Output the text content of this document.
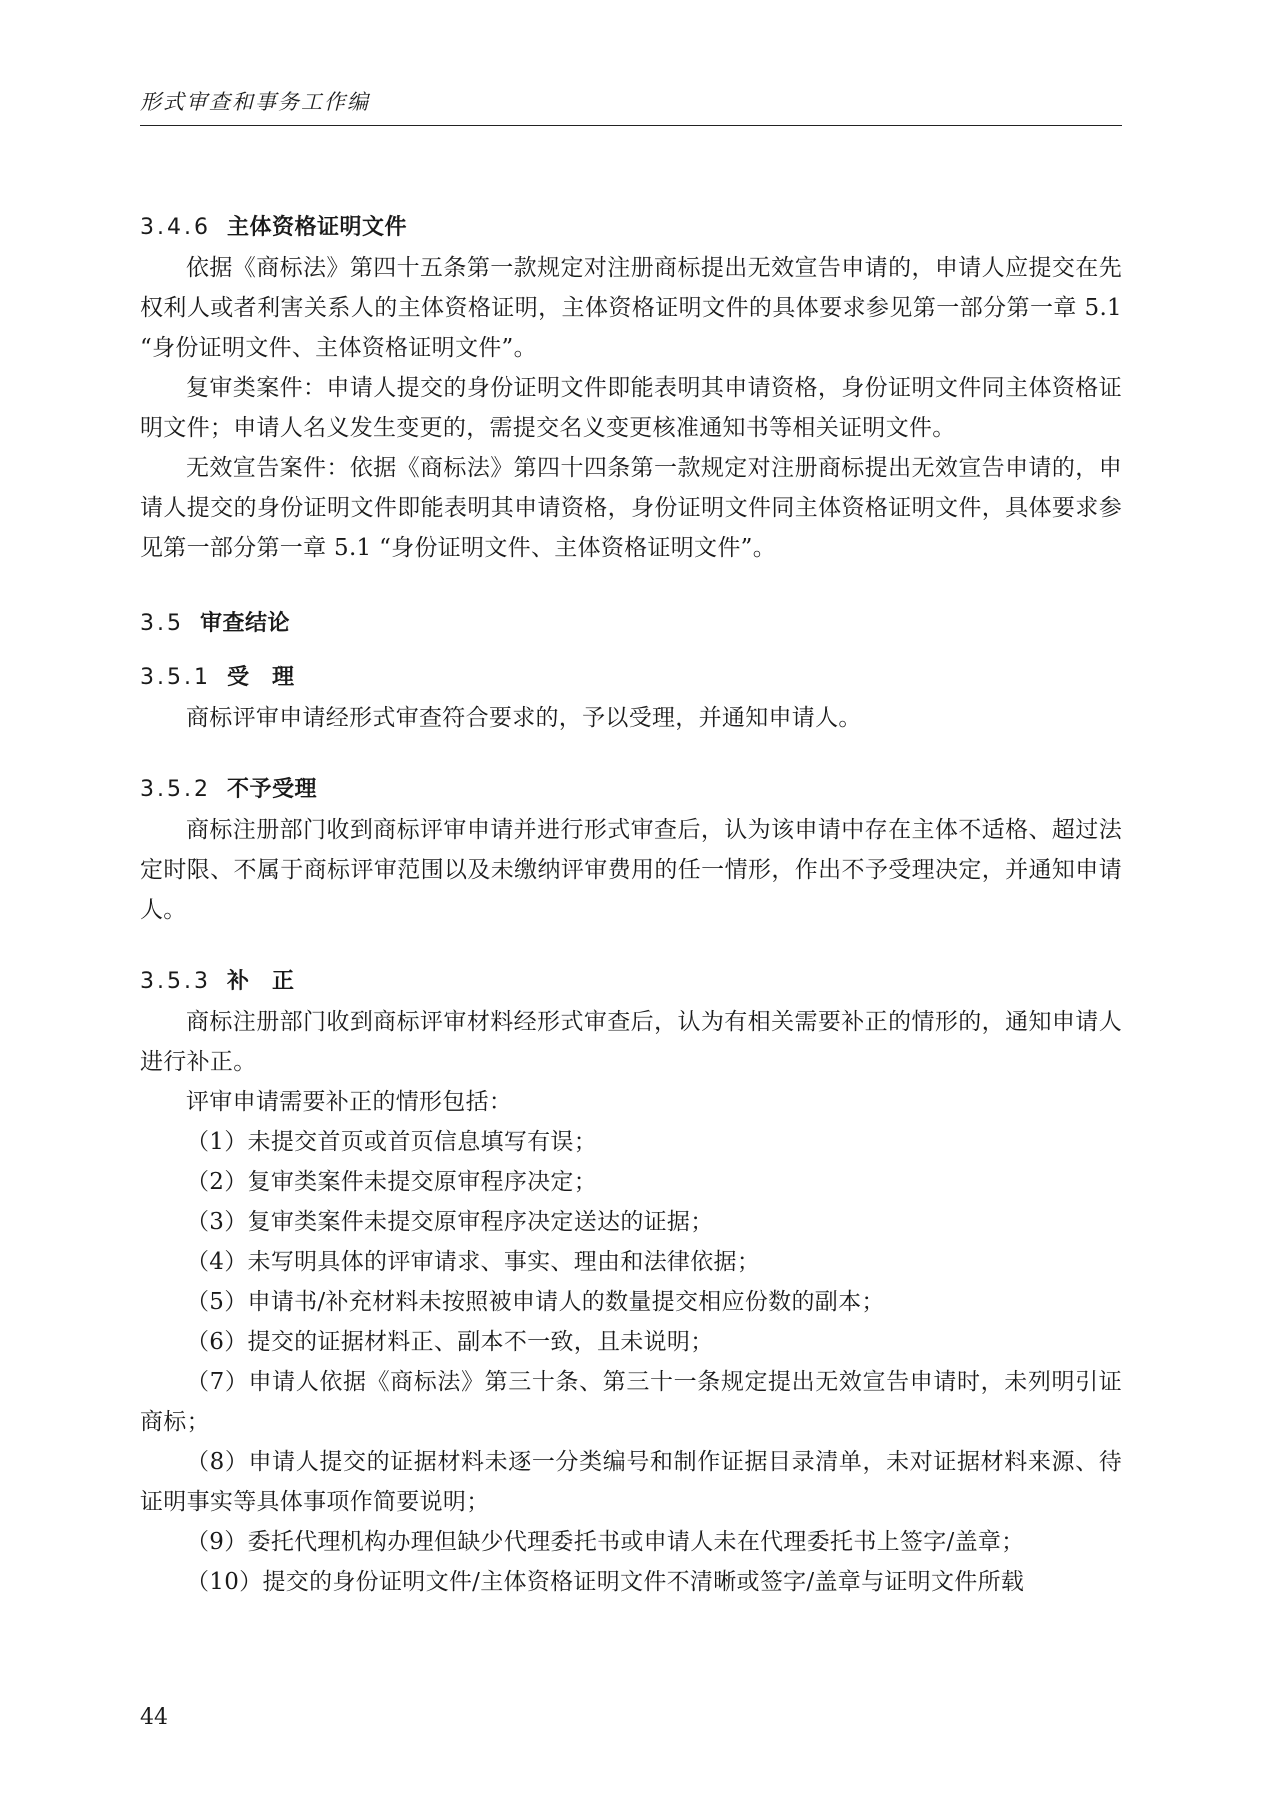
形式审查和事务工作编
3.4.6 主体资格证明文件

依据《商标法》第四十五条第一款规定对注册商标提出无效宣告申请的，申请人应提交在先权利人或者利害关系人的主体资格证明，主体资格证明文件的具体要求参见第一部分第一章 5.1 “身份证明文件、主体资格证明文件”。

复审类案件：申请人提交的身份证明文件即能表明其申请资格，身份证明文件同主体资格证明文件；申请人名义发生变更的，需提交名义变更核准通知书等相关证明文件。

无效宣告案件：依据《商标法》第四十四条第一款规定对注册商标提出无效宣告申请的，申请人提交的身份证明文件即能表明其申请资格，身份证明文件同主体资格证明文件，具体要求参见第一部分第一章 5.1 “身份证明文件、主体资格证明文件”。

3.5 审查结论
3.5.1 受　理

商标评审申请经形式审查符合要求的，予以受理，并通知申请人。

3.5.2 不予受理

商标注册部门收到商标评审申请并进行形式审查后，认为该申请中存在主体不适格、超过法定时限、不属于商标评审范围以及未缴纳评审费用的任一情形，作出不予受理决定，并通知申请人。

3.5.3 补　正

商标注册部门收到商标评审材料经形式审查后，认为有相关需要补正的情形的，通知申请人进行补正。

评审申请需要补正的情形包括：

（1）未提交首页或首页信息填写有误；

（2）复审类案件未提交原审程序决定；

（3）复审类案件未提交原审程序决定送达的证据；

（4）未写明具体的评审请求、事实、理由和法律依据；

（5）申请书/补充材料未按照被申请人的数量提交相应份数的副本；

（6）提交的证据材料正、副本不一致，且未说明；

（7）申请人依据《商标法》第三十条、第三十一条规定提出无效宣告申请时，未列明引证商标；

（8）申请人提交的证据材料未逐一分类编号和制作证据目录清单，未对证据材料来源、待证明事实等具体事项作简要说明；

（9）委托代理机构办理但缺少代理委托书或申请人未在代理委托书上签字/盖章；

（10）提交的身份证明文件/主体资格证明文件不清晰或签字/盖章与证明文件所载

44
